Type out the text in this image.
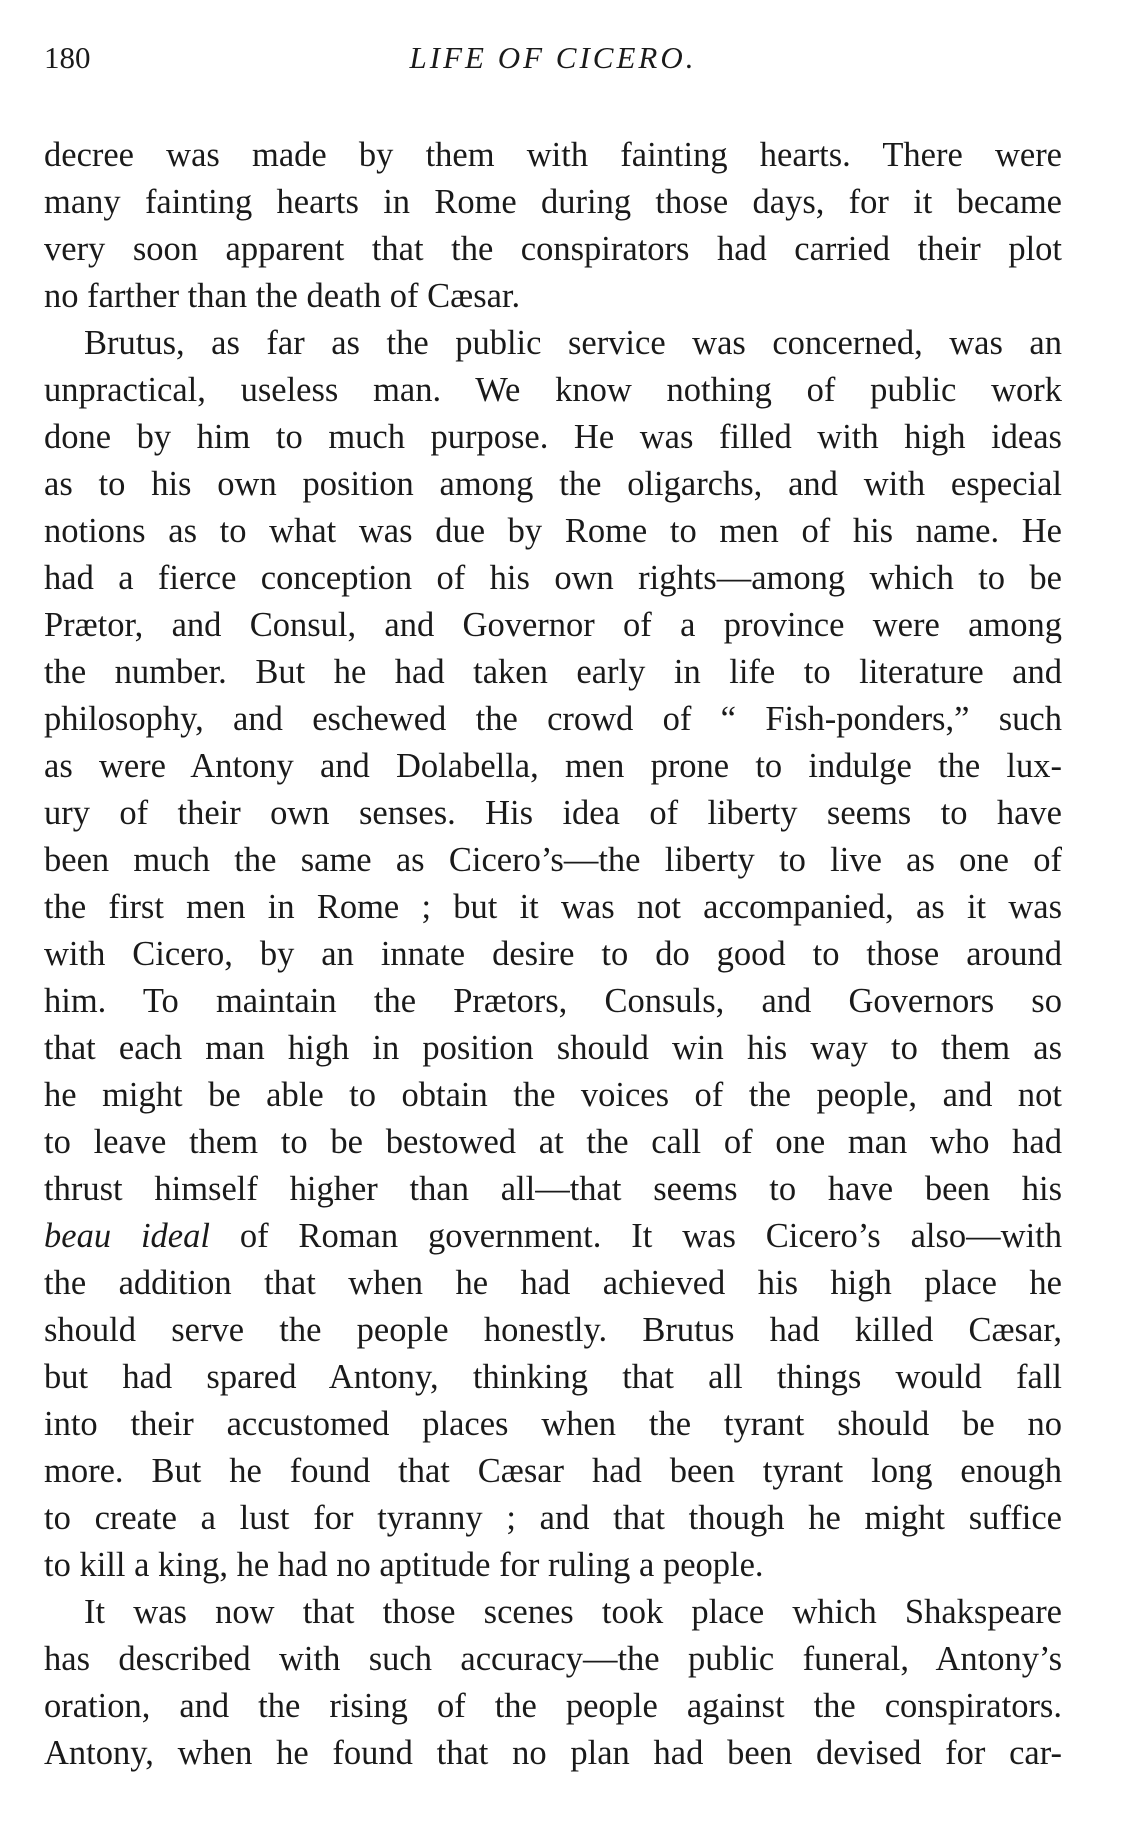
180	LIFE OF CICERO.
decree was made by them with fainting hearts. There were
many fainting hearts in Rome during those days, for it became
very soon apparent that the conspirators had carried their plot
no farther than the death of Cæsar.
Brutus, as far as the public service was concerned, was an
unpractical, useless man. We know nothing of public work
done by him to much purpose. He was filled with high ideas
as to his own position among the oligarchs, and with especial
notions as to what was due by Rome to men of his name. He
had a fierce conception of his own rights—among which to be
Prætor, and Consul, and Governor of a province were among
the number. But he had taken early in life to literature and
philosophy, and eschewed the crowd of “ Fish-ponders,” such
as were Antony and Dolabella, men prone to indulge the lux-
ury of their own senses. His idea of liberty seems to have
been much the same as Cicero’s—the liberty to live as one of
the first men in Rome ; but it was not accompanied, as it was
with Cicero, by an innate desire to do good to those around
him. To maintain the Prætors, Consuls, and Governors so
that each man high in position should win his way to them as
he might be able to obtain the voices of the people, and not
to leave them to be bestowed at the call of one man who had
thrust himself higher than all—that seems to have been his
beau ideal of Roman government. It was Cicero’s also—with
the addition that when he had achieved his high place he
should serve the people honestly. Brutus had killed Cæsar,
but had spared Antony, thinking that all things would fall
into their accustomed places when the tyrant should be no
more. But he found that Cæsar had been tyrant long enough
to create a lust for tyranny ; and that though he might suffice
to kill a king, he had no aptitude for ruling a people.
It was now that those scenes took place which Shakspeare
has described with such accuracy—the public funeral, Antony’s
oration, and the rising of the people against the conspirators.
Antony, when he found that no plan had been devised for car-
